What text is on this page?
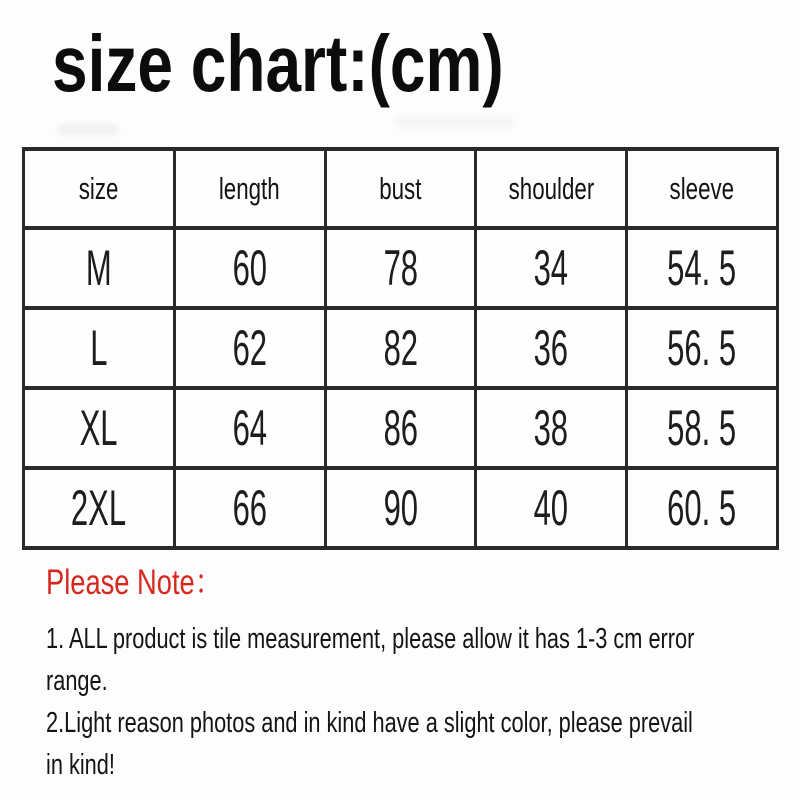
size chart:(cm)
size	length	bust	shoulder	sleeve
M	60	78	34	54. 5
L	62	82	36	56. 5
XL	64	86	38	58. 5
2XL	66	90	40	60. 5
Please Note：
1. ALL product is tile measurement, please allow it has 1-3 cm error
range.
2.Light reason photos and in kind have a slight color, please prevail
in kind!
